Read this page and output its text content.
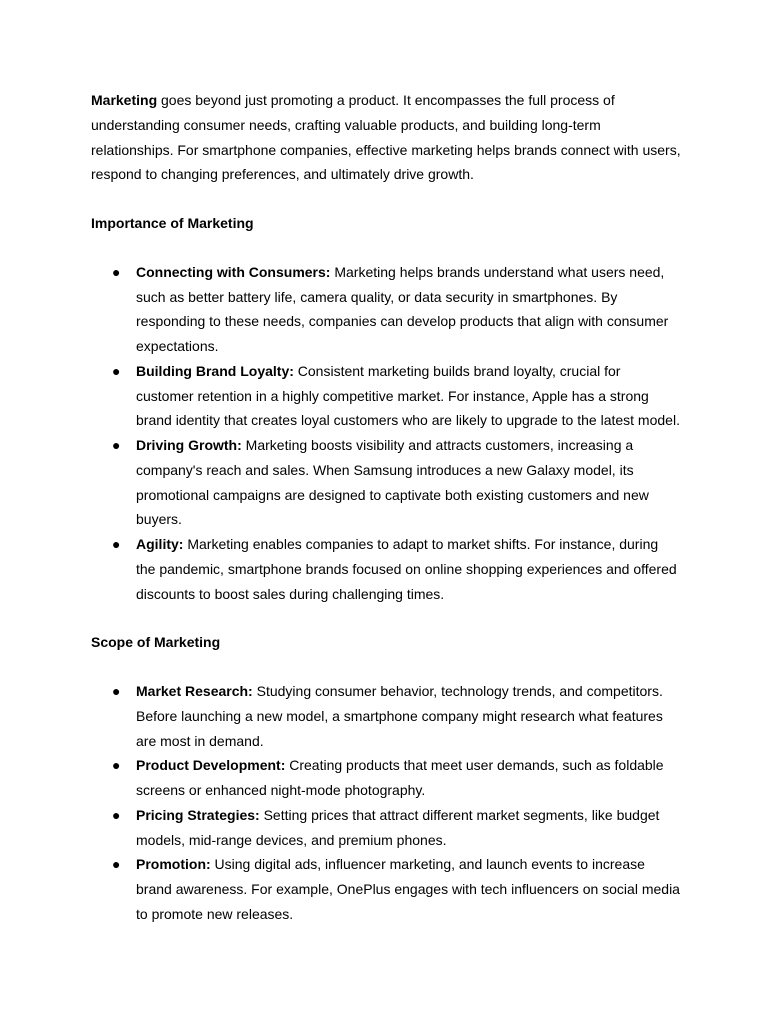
Marketing goes beyond just promoting a product. It encompasses the full process of understanding consumer needs, crafting valuable products, and building long-term relationships. For smartphone companies, effective marketing helps brands connect with users, respond to changing preferences, and ultimately drive growth.

Importance of Marketing
● Connecting with Consumers: Marketing helps brands understand what users need, such as better battery life, camera quality, or data security in smartphones. By responding to these needs, companies can develop products that align with consumer expectations.
● Building Brand Loyalty: Consistent marketing builds brand loyalty, crucial for customer retention in a highly competitive market. For instance, Apple has a strong brand identity that creates loyal customers who are likely to upgrade to the latest model.
● Driving Growth: Marketing boosts visibility and attracts customers, increasing a company's reach and sales. When Samsung introduces a new Galaxy model, its promotional campaigns are designed to captivate both existing customers and new buyers.
● Agility: Marketing enables companies to adapt to market shifts. For instance, during the pandemic, smartphone brands focused on online shopping experiences and offered discounts to boost sales during challenging times.
Scope of Marketing
● Market Research: Studying consumer behavior, technology trends, and competitors. Before launching a new model, a smartphone company might research what features are most in demand.
● Product Development: Creating products that meet user demands, such as foldable screens or enhanced night-mode photography.
● Pricing Strategies: Setting prices that attract different market segments, like budget models, mid-range devices, and premium phones.
● Promotion: Using digital ads, influencer marketing, and launch events to increase brand awareness. For example, OnePlus engages with tech influencers on social media to promote new releases.
